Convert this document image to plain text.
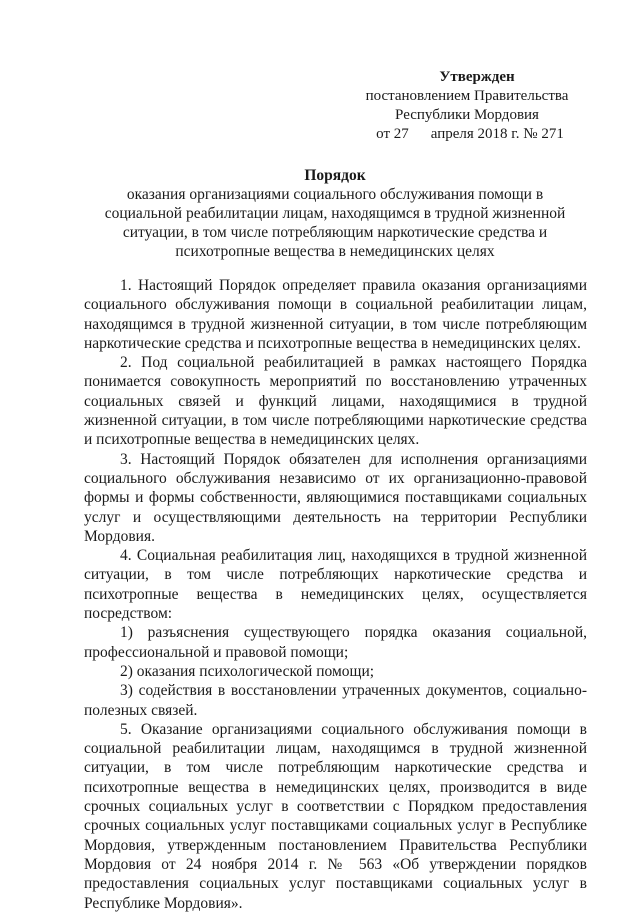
Утвержден
постановлением Правительства
Республики Мордовия
от 27 апреля 2018 г. № 271
Порядок
оказания организациями социального обслуживания помощи в социальной реабилитации лицам, находящимся в трудной жизненной ситуации, в том числе потребляющим наркотические средства и психотропные вещества в немедицинских целях

1. Настоящий Порядок определяет правила оказания организациями социального обслуживания помощи в социальной реабилитации лицам, находящимся в трудной жизненной ситуации, в том числе потребляющим наркотические средства и психотропные вещества в немедицинских целях.

2. Под социальной реабилитацией в рамках настоящего Порядка понимается совокупность мероприятий по восстановлению утраченных социальных связей и функций лицами, находящимися в трудной жизненной ситуации, в том числе потребляющими наркотические средства и психотропные вещества в немедицинских целях.

3. Настоящий Порядок обязателен для исполнения организациями социального обслуживания независимо от их организационно-правовой формы и формы собственности, являющимися поставщиками социальных услуг и осуществляющими деятельность на территории Республики Мордовия.

4. Социальная реабилитация лиц, находящихся в трудной жизненной ситуации, в том числе потребляющих наркотические средства и психотропные вещества в немедицинских целях, осуществляется посредством:

1) разъяснения существующего порядка оказания социальной, профессиональной и правовой помощи;

2) оказания психологической помощи;

3) содействия в восстановлении утраченных документов, социально-полезных связей.

5. Оказание организациями социального обслуживания помощи в социальной реабилитации лицам, находящимся в трудной жизненной ситуации, в том числе потребляющим наркотические средства и психотропные вещества в немедицинских целях, производится в виде срочных социальных услуг в соответствии с Порядком предоставления срочных социальных услуг поставщиками социальных услуг в Республике Мордовия, утвержденным постановлением Правительства Республики Мордовия от 24 ноября 2014 г. № 563 «Об утверждении порядков предоставления социальных услуг поставщиками социальных услуг в Республике Мордовия».
